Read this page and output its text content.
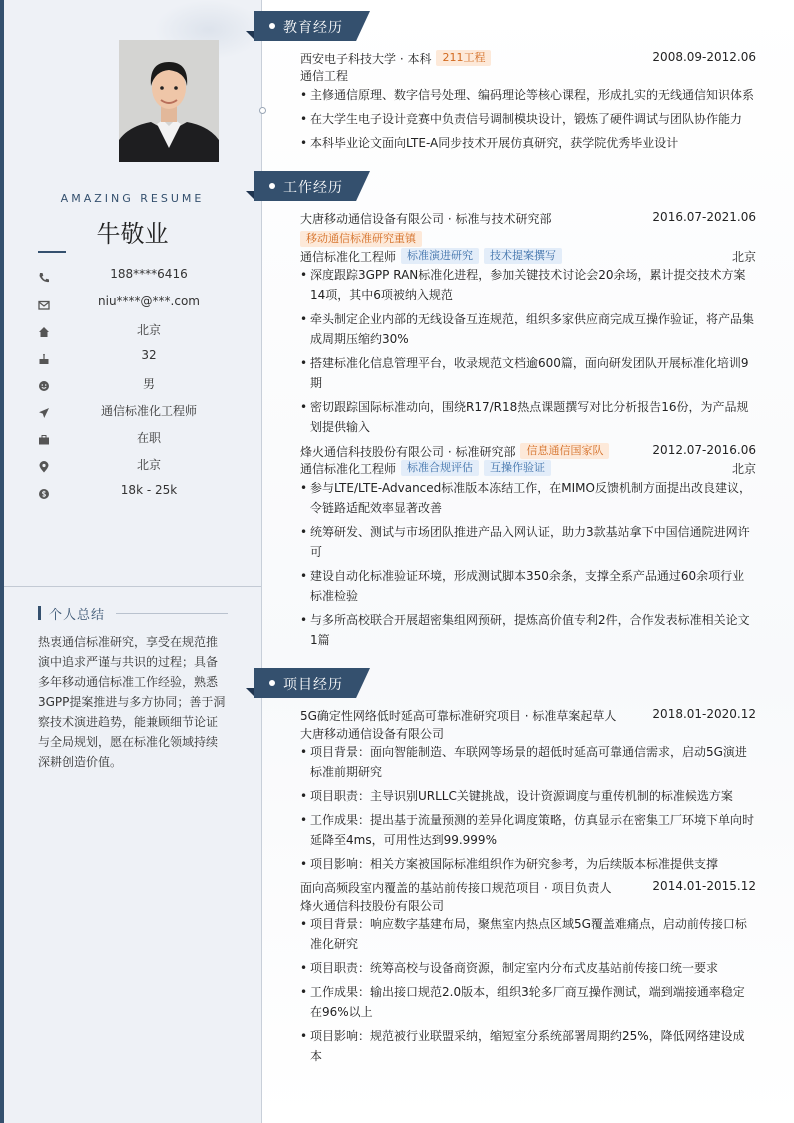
AMAZING RESUME
牛敬业
188****6416
niu****@***.com
北京
32
男
通信标准化工程师
在职
北京
18k - 25k
个人总结
热衷通信标准研究，享受在规范推演中追求严谨与共识的过程；具备多年移动通信标准工作经验，熟悉3GPP提案推进与多方协同；善于洞察技术演进趋势，能兼顾细节论证与全局规划，愿在标准化领域持续深耕创造价值。
教育经历
西安电子科技大学 · 本科 211工程	2008.09-2012.06
通信工程
• 主修通信原理、数字信号处理、编码理论等核心课程，形成扎实的无线通信知识体系
• 在大学生电子设计竞赛中负责信号调制模块设计，锻炼了硬件调试与团队协作能力
• 本科毕业论文面向LTE-A同步技术开展仿真研究，获学院优秀毕业设计
工作经历
大唐移动通信设备有限公司 · 标准与技术研究部	2016.07-2021.06
移动通信标准研究重镇
通信标准化工程师 标准演进研究 技术提案撰写	北京
• 深度跟踪3GPP RAN标准化进程，参加关键技术讨论会20余场，累计提交技术方案14项，其中6项被纳入规范
• 牵头制定企业内部的无线设备互连规范，组织多家供应商完成互操作验证，将产品集成周期压缩约30%
• 搭建标准化信息管理平台，收录规范文档逾600篇，面向研发团队开展标准化培训9期
• 密切跟踪国际标准动向，围绕R17/R18热点课题撰写对比分析报告16份，为产品规划提供输入
烽火通信科技股份有限公司 · 标准研究部 信息通信国家队	2012.07-2016.06
通信标准化工程师 标准合规评估 互操作验证	北京
• 参与LTE/LTE-Advanced标准版本冻结工作，在MIMO反馈机制方面提出改良建议，令链路适配效率显著改善
• 统筹研发、测试与市场团队推进产品入网认证，助力3款基站拿下中国信通院进网许可
• 建设自动化标准验证环境，形成测试脚本350余条，支撑全系产品通过60余项行业标准检验
• 与多所高校联合开展超密集组网预研，提炼高价值专利2件，合作发表标准相关论文1篇
项目经历
5G确定性网络低时延高可靠标准研究项目 · 标准草案起草人	2018.01-2020.12
大唐移动通信设备有限公司
• 项目背景：面向智能制造、车联网等场景的超低时延高可靠通信需求，启动5G演进标准前期研究
• 项目职责：主导识别URLLC关键挑战，设计资源调度与重传机制的标准候选方案
• 工作成果：提出基于流量预测的差异化调度策略，仿真显示在密集工厂环境下单向时延降至4ms，可用性达到99.999%
• 项目影响：相关方案被国际标准组织作为研究参考，为后续版本标准提供支撑
面向高频段室内覆盖的基站前传接口规范项目 · 项目负责人	2014.01-2015.12
烽火通信科技股份有限公司
• 项目背景：响应数字基建布局，聚焦室内热点区域5G覆盖难痛点，启动前传接口标准化研究
• 项目职责：统筹高校与设备商资源，制定室内分布式皮基站前传接口统一要求
• 工作成果：输出接口规范2.0版本，组织3轮多厂商互操作测试，端到端接通率稳定在96%以上
• 项目影响：规范被行业联盟采纳，缩短室分系统部署周期约25%，降低网络建设成本
